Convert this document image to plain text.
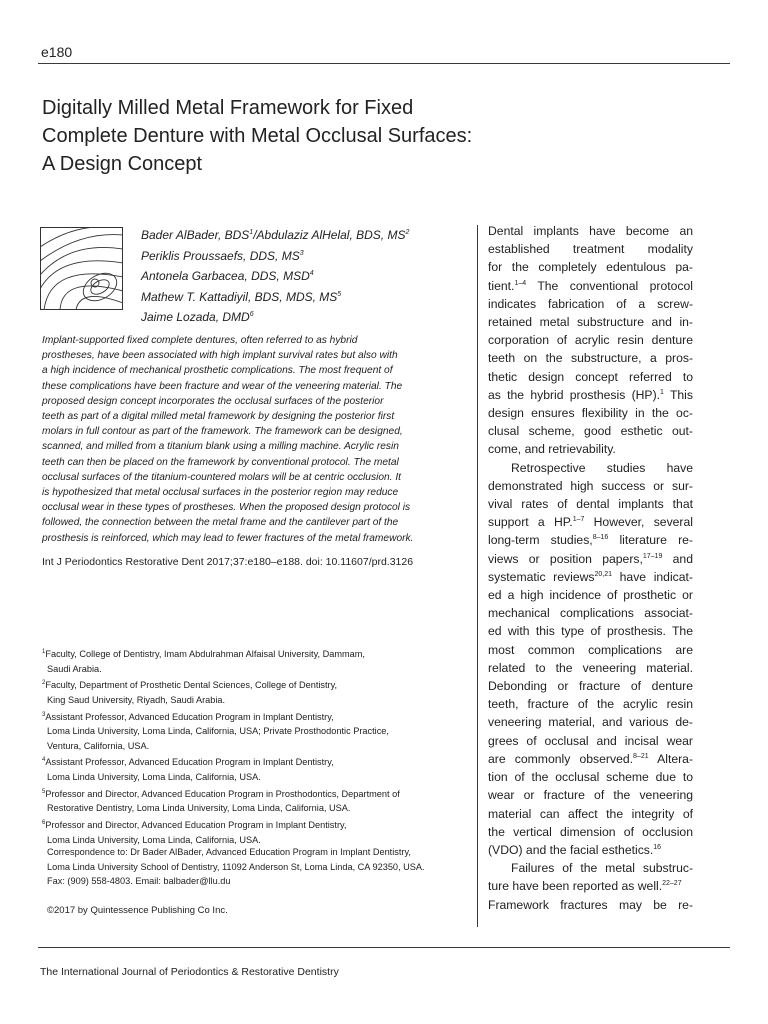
e180
Digitally Milled Metal Framework for Fixed
Complete Denture with Metal Occlusal Surfaces:
A Design Concept
Bader AlBader, BDS$^1$/Abdulaziz AlHelal, BDS, $MS^2$
Periklis Proussaefs, DDS, $MS^3$
Antonela Garbacea, DDS, MSD$^4$
Mathew T. Kattadiyil, BDS, MDS, $MS^5$
Jaime Lozada, DMD$^6$
Implant-supported fixed complete dentures, often referred to as hybrid
prostheses, have been associated with high implant survival rates but also with
a high incidence of mechanical prosthetic complications. The most frequent of
these complications have been fracture and wear of the veneering material. The
proposed design concept incorporates the occlusal surfaces of the posterior
teeth as part of a digital milled metal framework by designing the posterior first
molars in full contour as part of the framework. The framework can be designed,
scanned, and milled from a titanium blank using a milling machine. Acrylic resin
teeth can then be placed on the framework by conventional protocol. The metal
occlusal surfaces of the titanium-countered molars will be at centric occlusion. It
is hypothesized that metal occlusal surfaces in the posterior region may reduce
occlusal wear in these types of prostheses. When the proposed design protocol is
followed, the connection between the metal frame and the cantilever part of the
prosthesis is reinforced, which may lead to fewer fractures of the metal framework.
Int J Periodontics Restorative Dent 2017;37:e180–e188. doi: 10.11607/prd.3126
$^1$Faculty, College of Dentistry, Imam Abdulrahman Alfaisal University, Dammam,
Saudi Arabia.
$^2$Faculty, Department of Prosthetic Dental Sciences, College of Dentistry,
King Saud University, Riyadh, Saudi Arabia.
$^3$Assistant Professor, Advanced Education Program in Implant Dentistry,
Loma Linda University, Loma Linda, California, USA; Private Prosthodontic Practice,
Ventura, California, USA.
$^4$Assistant Professor, Advanced Education Program in Implant Dentistry,
Loma Linda University, Loma Linda, California, USA.
$^5$Professor and Director, Advanced Education Program in Prosthodontics, Department of
Restorative Dentistry, Loma Linda University, Loma Linda, California, USA.
$^6$Professor and Director, Advanced Education Program in Implant Dentistry,
Loma Linda University, Loma Linda, California, USA.
Correspondence to: Dr Bader AlBader, Advanced Education Program in Implant Dentistry,
Loma Linda University School of Dentistry, 11092 Anderson St, Loma Linda, CA 92350, USA.
Fax: (909) 558-4803. Email: balbader@llu.du
©2017 by Quintessence Publishing Co Inc.
Dental implants have become an
established treatment modality
for the completely edentulous pa-
tient.$^{1-4}$ The conventional protocol
indicates fabrication of a screw-
retained metal substructure and in-
corporation of acrylic resin denture
teeth on the substructure, a pros-
thetic design concept referred to
as the hybrid prosthesis (HP).$^1$ This
design ensures flexibility in the oc-
clusal scheme, good esthetic out-
come, and retrievability.
Retrospective studies have
demonstrated high success or sur-
vival rates of dental implants that
support a HP.$^{1-7}$ However, several
long-term studies,$^{8-16}$ literature re-
views or position papers,$^{17-19}$ and
systematic reviews$^{20,21}$ have indicat-
ed a high incidence of prosthetic or
mechanical complications associat-
ed with this type of prosthesis. The
most common complications are
related to the veneering material.
Debonding or fracture of denture
teeth, fracture of the acrylic resin
veneering material, and various de-
grees of occlusal and incisal wear
are commonly observed.$^{8-21}$ Altera-
tion of the occlusal scheme due to
wear or fracture of the veneering
material can affect the integrity of
the vertical dimension of occlusion
(VDO) and the facial esthetics.$^{16}$
Failures of the metal substruc-
ture have been reported as well.$^{22-27}$
Framework fractures may be re-
The International Journal of Periodontics & Restorative Dentistry
